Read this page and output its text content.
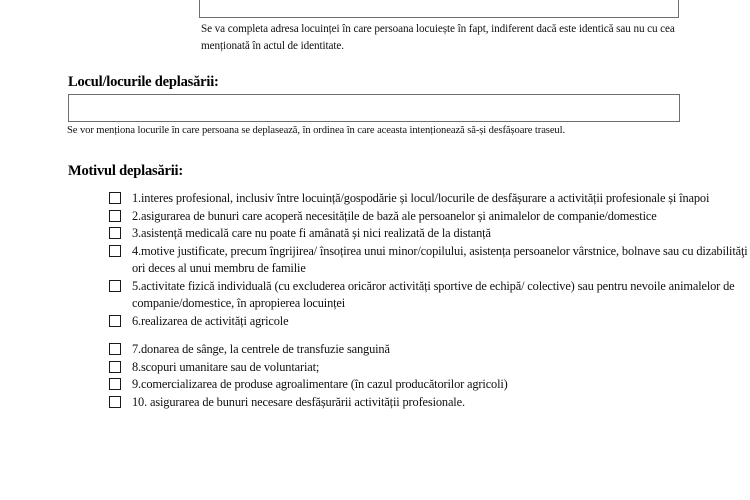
Se va completa adresa locuinței în care persoana locuiește în fapt, indiferent dacă este identică sau nu cu cea menționată în actul de identitate.
Locul/locurile deplasării:
Se vor menționa locurile în care persoana se deplasează, în ordinea în care aceasta intenționează să-și desfășoare traseul.
Motivul deplasării:
1.interes profesional, inclusiv între locuință/gospodărie și locul/locurile de desfășurare a activității profesionale și înapoi
2.asigurarea de bunuri care acoperă necesitățile de bază ale persoanelor și animalelor de companie/domestice
3.asistență medicală care nu poate fi amânată și nici realizată de la distanță
4.motive justificate, precum îngrijirea/ însoțirea unui minor/copilului, asistența persoanelor vârstnice, bolnave sau cu dizabilităţi ori deces al unui membru de familie
5.activitate fizică individuală (cu excluderea oricăror activități sportive de echipă/ colective) sau pentru nevoile animalelor de companie/domestice, în apropierea locuinței
6.realizarea de activități agricole
7.donarea de sânge, la centrele de transfuzie sanguină
8.scopuri umanitare sau de voluntariat;
9.comercializarea de produse agroalimentare (în cazul producătorilor agricoli)
10. asigurarea de bunuri necesare desfășurării activității profesionale.
